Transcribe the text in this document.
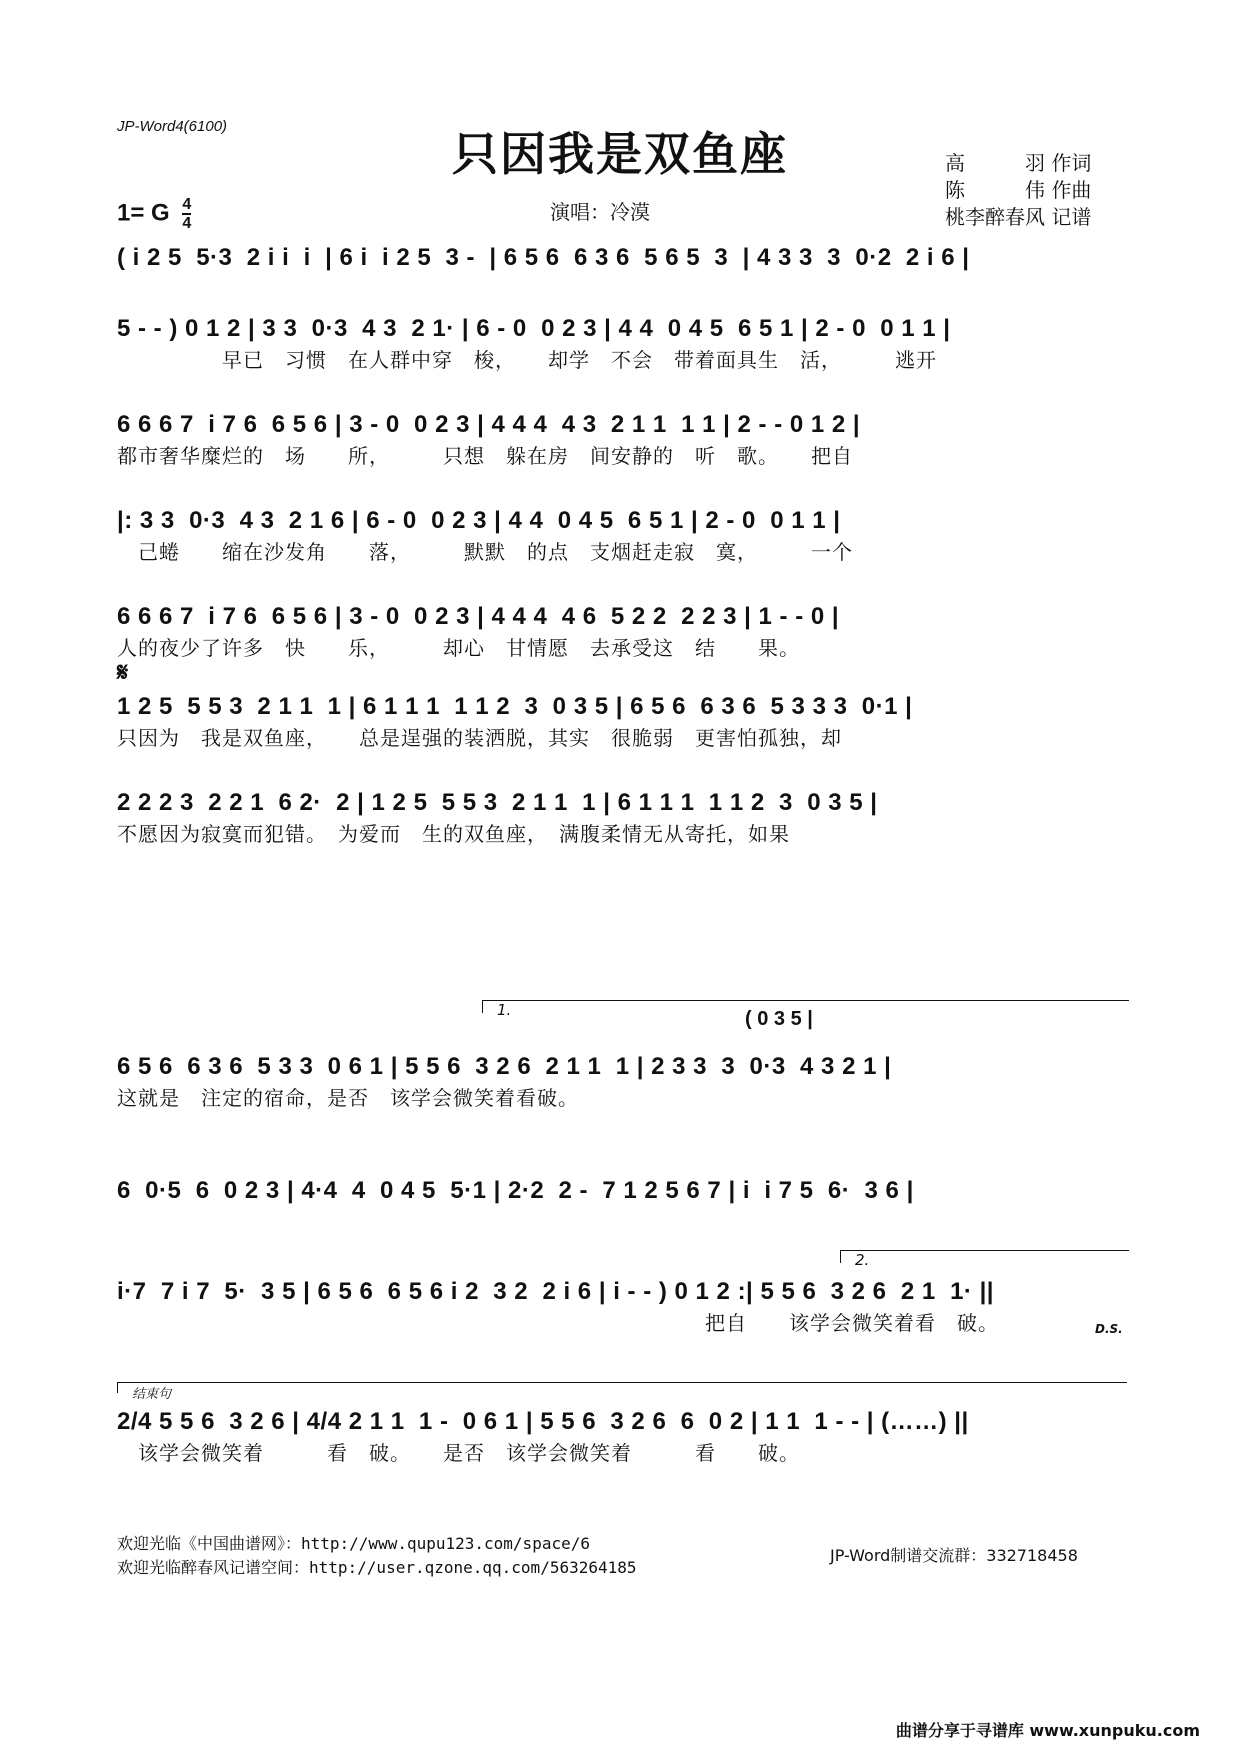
JP-Word4(6100)
只因我是双鱼座
1= G $\frac{4}{4}$	演唱：冷漠
高　　　羽 作词
陈　　　伟 作曲
桃李醉春风 记谱
( i 2 5  5·3  2 i i  i  | 6 i  i 2 5  3 -  | 6 5 6  6 3 6  5 6 5  3  | 4 3 3  3  0·2  2 i 6 |
5 - - ) 0 1 2 | 3 3  0·3  4 3  2 1· | 6 - 0  0 2 3 | 4 4  0 4 5  6 5 1 | 2 - 0  0 1 1 |
　　　　　早已　习惯　在人群中穿　梭，　　却学　不会　带着面具生　活，　　　逃开
6 6 6 7  i 7 6  6 5 6 | 3 - 0  0 2 3 | 4 4 4  4 3  2 1 1  1 1 | 2 - - 0 1 2 |
都市奢华糜烂的　场　　所，　　　只想　躲在房　间安静的　听　歌。　　把自
|: 3 3  0·3  4 3  2 1 6 | 6 - 0  0 2 3 | 4 4  0 4 5  6 5 1 | 2 - 0  0 1 1 |
　己蜷　　缩在沙发角　　落，　　　默默　的点　支烟赶走寂　寞，　　　一个
6 6 6 7  i 7 6  6 5 6 | 3 - 0  0 2 3 | 4 4 4  4 6  5 2 2  2 2 3 | 1 - - 0 |
人的夜少了许多　快　　乐，　　　却心　甘情愿　去承受这　结　　果。
𝄋
1 2 5  5 5 3  2 1 1  1 | 6 1 1 1  1 1 2  3  0 3 5 | 6 5 6  6 3 6  5 3 3 3  0·1 |
只因为　我是双鱼座，　　总是逞强的装洒脱，其实　很脆弱　更害怕孤独，却
2 2 2 3  2 2 1  6 2·  2 | 1 2 5  5 5 3  2 1 1  1 | 6 1 1 1  1 1 2  3  0 3 5 |
不愿因为寂寞而犯错。　为爱而　生的双鱼座，　满腹柔情无从寄托，如果
1.	( 0 3 5 |
6 5 6  6 3 6  5 3 3  0 6 1 | 5 5 6  3 2 6  2 1 1  1 | 2 3 3  3  0·3  4 3 2 1 |
这就是　注定的宿命，是否　该学会微笑着看破。
6  0·5  6  0 2 3 | 4·4  4  0 4 5  5·1 | 2·2  2 -  7 1 2 5 6 7 | i  i 7 5  6·  3 6 |
2.
i·7  7 i 7  5·  3 5 | 6 5 6  6 5 6 i 2  3 2  2 i 6 | i - - ) 0 1 2 :| 5 5 6  3 2 6  2 1  1· ||
　　　　　　　　　　　　　　　　　　　　　　　　　　　　把自　　该学会微笑着看　破。	D.S.
结束句
2/4 5 5 6  3 2 6 | 4/4 2 1 1  1 -  0 6 1 | 5 5 6  3 2 6  6  0 2 | 1 1  1 - - | (……) ||
　该学会微笑着　　　看　破。　　是否　该学会微笑着　　　看　　破。
欢迎光临《中国曲谱网》：http://www.qupu123.com/space/6
欢迎光临醉春风记谱空间：http://user.qzone.qq.com/563264185
JP-Word制谱交流群：332718458
曲谱分享于寻谱库 www.xunpuku.com
